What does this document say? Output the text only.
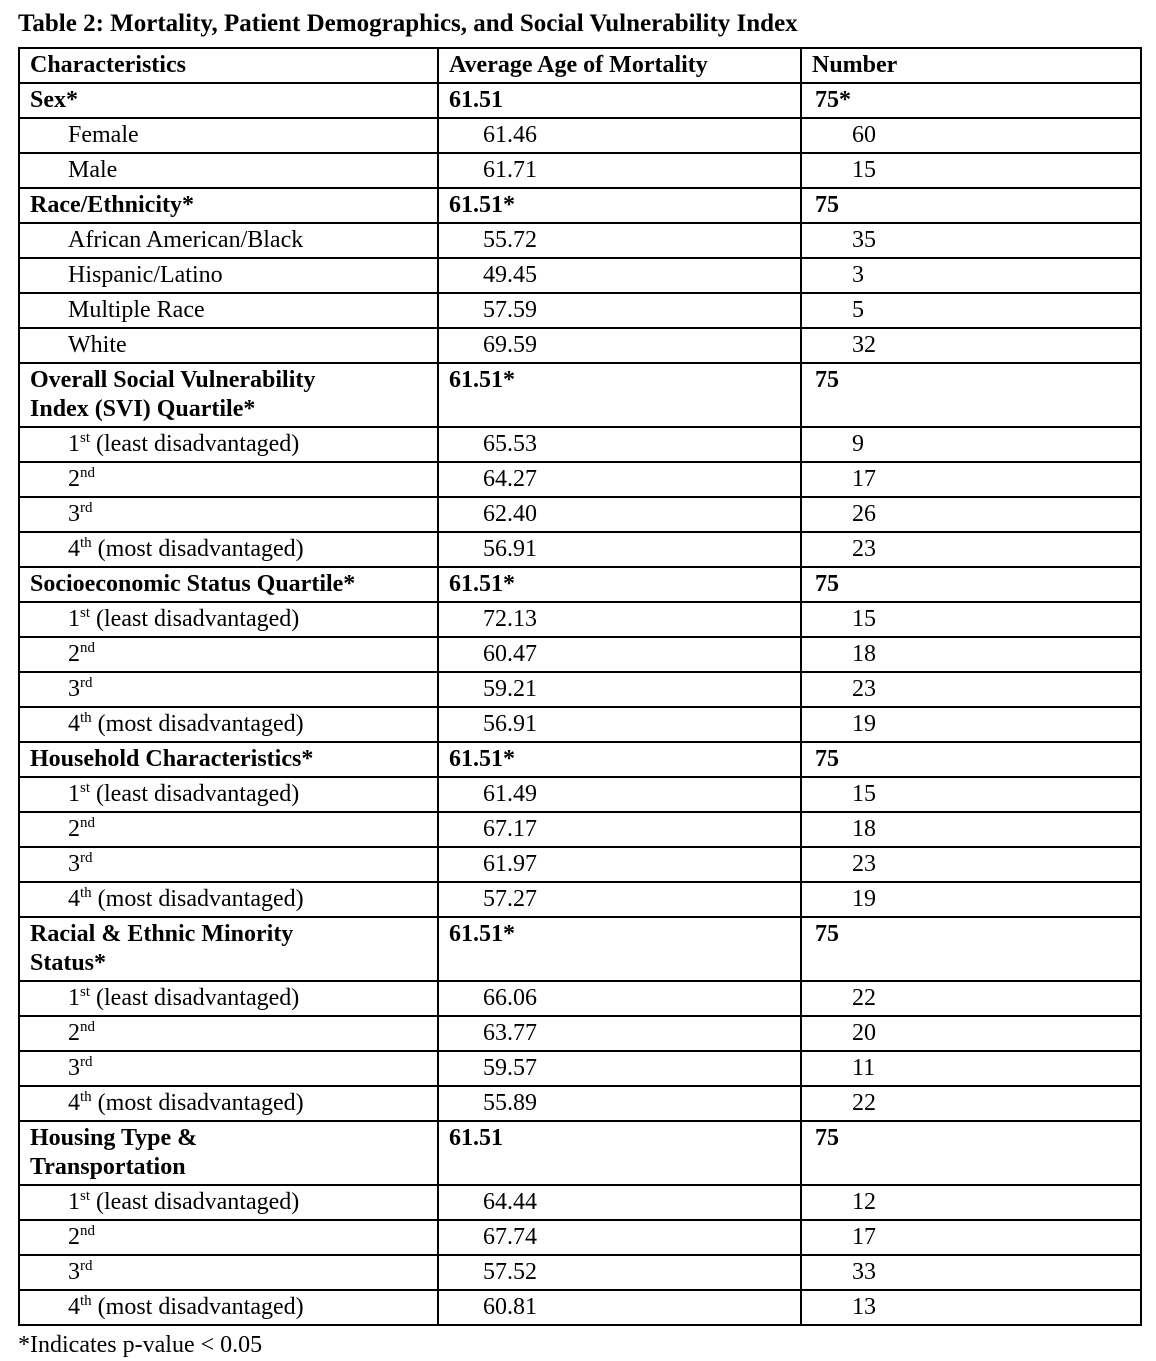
Table 2: Mortality, Patient Demographics, and Social Vulnerability Index
Characteristics	Average Age of Mortality	Number
Sex*	61.51	75*
Female	61.46	60
Male	61.71	15
Race/Ethnicity*	61.51*	75
African American/Black	55.72	35
Hispanic/Latino	49.45	3
Multiple Race	57.59	5
White	69.59	32
Overall Social Vulnerability
Index (SVI) Quartile*	61.51*	75
1st (least disadvantaged)	65.53	9
2nd	64.27	17
3rd	62.40	26
4th (most disadvantaged)	56.91	23
Socioeconomic Status Quartile*	61.51*	75
1st (least disadvantaged)	72.13	15
2nd	60.47	18
3rd	59.21	23
4th (most disadvantaged)	56.91	19
Household Characteristics*	61.51*	75
1st (least disadvantaged)	61.49	15
2nd	67.17	18
3rd	61.97	23
4th (most disadvantaged)	57.27	19
Racial & Ethnic Minority
Status*	61.51*	75
1st (least disadvantaged)	66.06	22
2nd	63.77	20
3rd	59.57	11
4th (most disadvantaged)	55.89	22
Housing Type &
Transportation	61.51	75
1st (least disadvantaged)	64.44	12
2nd	67.74	17
3rd	57.52	33
4th (most disadvantaged)	60.81	13
*Indicates p-value < 0.05
